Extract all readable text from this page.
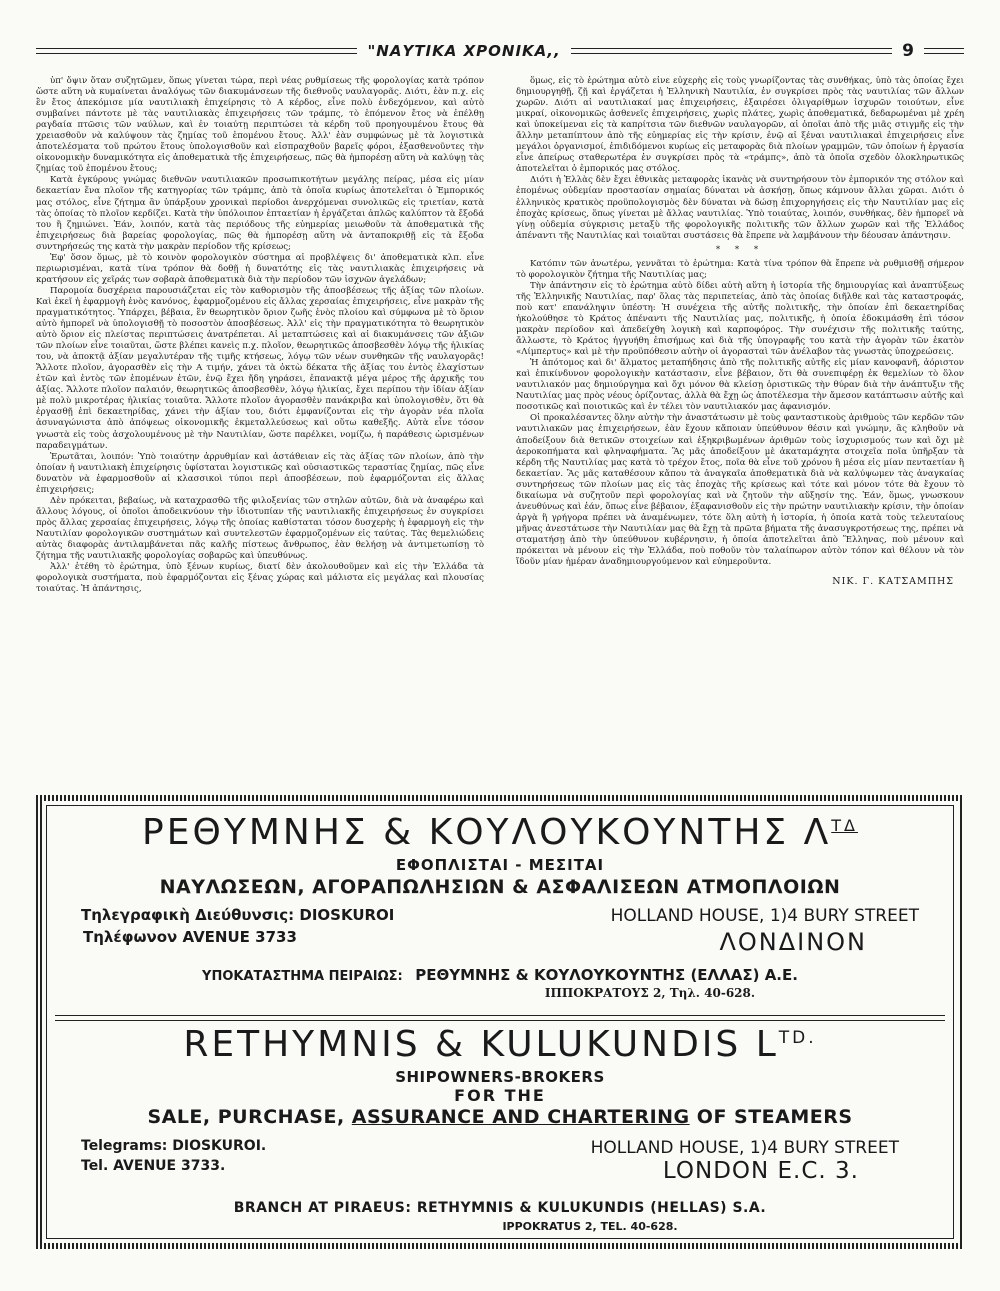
"ΝΑΥΤΙΚΑ ΧΡΟΝΙΚΑ,,	9

ὑπ' ὄψιν ὅταν συζητῶμεν, ὅπως γίνεται τώρα, περὶ νέας ρυθμίσεως τῆς φορολογίας κατὰ τρόπον ὥστε αὕτη νὰ κυμαίνεται ἀναλόγως τῶν διακυμάνσεων τῆς διεθνοῦς ναυλαγορᾶς. Διότι, ἐὰν π.χ. εἰς ἓν ἔτος ἀπεκόμισε μία ναυτιλιακὴ ἐπιχείρησις τὸ Α κέρδος, εἶνε πολὺ ἐνδεχόμενον, καὶ αὐτὸ συμβαίνει πάντοτε μὲ τὰς ναυτιλιακὰς ἐπιχειρήσεις τῶν τράμπς, τὸ ἑπόμενον ἔτος νὰ ἐπέλθῃ ραγδαία πτῶσις τῶν ναύλων, καὶ ἐν τοιαύτῃ περιπτώσει τὰ κέρδη τοῦ προηγουμένου ἔτους θὰ χρειασθοῦν νὰ καλύψουν τὰς ζημίας τοῦ ἑπομένου ἔτους. Ἀλλ' ἐὰν συμφώνως μὲ τὰ λογιστικὰ ἀποτελέσματα τοῦ πρώτου ἔτους ὑπολογισθοῦν καὶ εἰσπραχθοῦν βαρεῖς φόροι, ἐξασθενοῦντες τὴν οἰκονομικὴν δυναμικότητα εἰς ἀποθεματικὰ τῆς ἐπιχειρήσεως, πῶς θὰ ἠμπορέσῃ αὕτη νὰ καλύψῃ τὰς ζημίας τοῦ ἑπομένου ἔτους;

Κατὰ ἐγκύρους γνώμας διεθνῶν ναυτιλιακῶν προσωπικοτήτων μεγάλης πείρας, μέσα εἰς μίαν δεκαετίαν ἕνα πλοῖον τῆς κατηγορίας τῶν τράμπς, ἀπὸ τὰ ὁποῖα κυρίως ἀποτελεῖται ὁ Ἐμπορικός μας στόλος, εἶνε ζήτημα ἂν ὑπάρξουν χρονικαὶ περίοδοι ἀνερχόμεναι συνολικῶς εἰς τριετίαν, κατὰ τὰς ὁποίας τὸ πλοῖον κερδίζει. Κατὰ τὴν ὑπόλοιπον ἑπταετίαν ἡ ἐργάζεται ἁπλῶς καλύπτον τὰ ἔξοδά του ἢ ζημιώνει. Ἐάν, λοιπόν, κατὰ τὰς περιόδους τῆς εὐημερίας μειωθοῦν τὰ ἀποθεματικὰ τῆς ἐπιχειρήσεως διὰ βαρείας φορολογίας, πῶς θὰ ἠμπορέσῃ αὕτη νὰ ἀνταποκριθῇ εἰς τὰ ἔξοδα συντηρήσεώς της κατὰ τὴν μακρὰν περίοδον τῆς κρίσεως;

Ἐφ' ὅσον ὅμως, μὲ τὸ κοινὸν φορολογικὸν σύστημα αἱ προβλέψεις δι' ἀποθεματικὰ κλπ. εἶνε περιωρισμέναι, κατὰ τίνα τρόπον θὰ δοθῇ ἡ δυνατότης εἰς τὰς ναυτιλιακὰς ἐπιχειρήσεις νὰ κρατήσουν εἰς χεῖράς των σοβαρὰ ἀποθεματικὰ διὰ τὴν περίοδον τῶν ἰσχνῶν ἀγελάδων;

Παρομοία δυσχέρεια παρουσιάζεται εἰς τὸν καθορισμὸν τῆς ἀποσβέσεως τῆς ἀξίας τῶν πλοίων. Καὶ ἐκεῖ ἡ ἐφαρμογὴ ἑνὸς κανόνος, ἐφαρμοζομένου εἰς ἄλλας χερσαίας ἐπιχειρήσεις, εἶνε μακρὰν τῆς πραγματικότητος. Ὑπάρχει, βέβαια, ἓν θεωρητικὸν ὅριον ζωῆς ἑνὸς πλοίου καὶ σύμφωνα μὲ τὸ ὅριον αὐτὸ ἠμπορεῖ νὰ ὑπολογισθῇ τὸ ποσοστὸν ἀποσβέσεως. Ἀλλ' εἰς τὴν πραγματικότητα τὸ θεωρητικὸν αὐτὸ ὅριον εἰς πλείστας περιπτώσεις ἀνατρέπεται. Αἱ μεταπτώσεις καὶ αἱ διακυμάνσεις τῶν ἀξιῶν τῶν πλοίων εἶνε τοιαῦται, ὥστε βλέπει κανεὶς π.χ. πλοῖον, θεωρητικῶς ἀποσβεσθὲν λόγῳ τῆς ἡλικίας του, νὰ ἀποκτᾷ ἀξίαν μεγαλυτέραν τῆς τιμῆς κτήσεως, λόγῳ τῶν νέων συνθηκῶν τῆς ναυλαγορᾶς! Ἄλλοτε πλοῖον, ἀγορασθὲν εἰς τὴν Α τιμήν, χάνει τὰ ὀκτὼ δέκατα τῆς ἀξίας του ἐντὸς ἐλαχίστων ἐτῶν καὶ ἐντὸς τῶν ἑπομένων ἐτῶν, ἐνῷ ἔχει ἤδη γηράσει, ἐπανακτᾷ μέγα μέρος τῆς ἀρχικῆς του ἀξίας. Ἄλλοτε πλοῖον παλαιόν, θεωρητικῶς ἀποσβεσθὲν, λόγῳ ἡλικίας, ἔχει περίπου τὴν ἰδίαν ἀξίαν μὲ πολὺ μικροτέρας ἡλικίας τοιαῦτα. Ἄλλοτε πλοῖον ἀγορασθὲν πανάκριβα καὶ ὑπολογισθὲν, ὅτι θὰ ἐργασθῇ ἐπὶ δεκαετηρίδας, χάνει τὴν ἀξίαν του, διότι ἐμφανίζονται εἰς τὴν ἀγορὰν νέα πλοῖα ἀσυναγώνιστα ἀπὸ ἀπόψεως οἰκονομικῆς ἐκμεταλλεύσεως καὶ οὕτω καθεξῆς. Αὐτὰ εἶνε τόσον γνωστὰ εἰς τοὺς ἀσχολουμένους μὲ τὴν Ναυτιλίαν, ὥστε παρέλκει, νομίζω, ἡ παράθεσις ὡρισμένων παραδειγμάτων.

Ἐρωτᾶται, λοιπόν: Ὑπὸ τοιαύτην ἀρρυθμίαν καὶ ἀστάθειαν εἰς τὰς ἀξίας τῶν πλοίων, ἀπὸ τὴν ὁποίαν ἡ ναυτιλιακὴ ἐπιχείρησις ὑφίσταται λογιστικῶς καὶ οὐσιαστικῶς τεραστίας ζημίας, πῶς εἶνε δυνατὸν νὰ ἐφαρμοσθοῦν αἱ κλασσικοὶ τύποι περὶ ἀποσβέσεων, ποὺ ἐφαρμόζονται εἰς ἄλλας ἐπιχειρήσεις;

Δὲν πρόκειται, βεβαίως, νὰ καταχρασθῶ τῆς φιλοξενίας τῶν στηλῶν αὐτῶν, διὰ νὰ ἀναφέρω καὶ ἄλλους λόγους, οἱ ὁποῖοι ἀποδεικνύουν τὴν ἰδιοτυπίαν τῆς ναυτιλιακῆς ἐπιχειρήσεως ἐν συγκρίσει πρὸς ἄλλας χερσαίας ἐπιχειρήσεις, λόγῳ τῆς ὁποίας καθίσταται τόσον δυσχερὴς ἡ ἐφαρμογὴ εἰς τὴν Ναυτιλίαν φορολογικῶν συστημάτων καὶ συντελεστῶν ἐφαρμοζομένων εἰς ταύτας. Τὰς θεμελιώδεις αὐτὰς διαφορὰς ἀντιλαμβάνεται πᾶς καλῆς πίστεως ἄνθρωπος, ἐὰν θελήσῃ νὰ ἀντιμετωπίσῃ τὸ ζήτημα τῆς ναυτιλιακῆς φορολογίας σοβαρῶς καὶ ὑπευθύνως.

Ἀλλ' ἐτέθη τὸ ἐρώτημα, ὑπὸ ξένων κυρίως, διατί δὲν ἀκολουθοῦμεν καὶ εἰς τὴν Ἑλλάδα τὰ φορολογικὰ συστήματα, ποὺ ἐφαρμόζονται εἰς ξένας χώρας καὶ μάλιστα εἰς μεγάλας καὶ πλουσίας τοιαύτας. Ἡ ἀπάντησις,

ὅμως, εἰς τὸ ἐρώτημα αὐτὸ εἶνε εὐχερὴς εἰς τοὺς γνωρίζοντας τὰς συνθήκας, ὑπὸ τὰς ὁποίας ἔχει δημιουργηθῇ, ζῇ καὶ ἐργάζεται ἡ Ἑλληνικὴ Ναυτιλία, ἐν συγκρίσει πρὸς τὰς ναυτιλίας τῶν ἄλλων χωρῶν. Διότι αἱ ναυτιλιακαί μας ἐπιχειρήσεις, ἐξαιρέσει ὀλιγαρίθμων ἰσχυρῶν τοιούτων, εἶνε μικραί, οἰκονομικῶς ἀσθενεῖς ἐπιχειρήσεις, χωρὶς πλάτες, χωρὶς ἀποθεματικά, δεδαρωμέναι μὲ χρέη καὶ ὑποκείμεναι εἰς τὰ καπρίτσια τῶν διεθνῶν ναυλαγορῶν, αἱ ὁποῖαι ἀπὸ τῆς μιᾶς στιγμῆς εἰς τὴν ἄλλην μεταπίπτουν ἀπὸ τῆς εὐημερίας εἰς τὴν κρίσιν, ἐνῷ αἱ ξέναι ναυτιλιακαὶ ἐπιχειρήσεις εἶνε μεγάλοι ὀργανισμοί, ἐπιδιδόμενοι κυρίως εἰς μεταφορὰς διὰ πλοίων γραμμῶν, τῶν ὁποίων ἡ ἐργασία εἶνε ἀπείρως σταθερωτέρα ἐν συγκρίσει πρὸς τὰ «τράμπς», ἀπὸ τὰ ὁποῖα σχεδὸν ὁλοκληρωτικῶς ἀποτελεῖται ὁ ἐμπορικός μας στόλος.

Διότι ἡ Ἑλλὰς δὲν ἔχει ἐθνικὰς μεταφορὰς ἱκανὰς νὰ συντηρήσουν τὸν ἐμπορικόν της στόλον καὶ ἑπομένως οὐδεμίαν προστασίαν σημαίας δύναται νὰ ἀσκήσῃ, ὅπως κάμνουν ἄλλαι χῶραι. Διότι ὁ ἑλληνικὸς κρατικὸς προϋπολογισμὸς δὲν δύναται νὰ δώσῃ ἐπιχορηγήσεις εἰς τὴν Ναυτιλίαν μας εἰς ἐποχὰς κρίσεως, ὅπως γίνεται μὲ ἄλλας ναυτιλίας. Ὑπὸ τοιαύτας, λοιπόν, συνθήκας, δὲν ἠμπορεῖ νὰ γίνῃ οὐδεμία σύγκρισις μεταξὺ τῆς φορολογικῆς πολιτικῆς τῶν ἄλλων χωρῶν καὶ τῆς Ἑλλάδος ἀπέναντι τῆς Ναυτιλίας καὶ τοιαῦται συστάσεις θὰ ἔπρεπε νὰ λαμβάνουν τὴν δέουσαν ἀπάντησιν.

* * *

Κατόπιν τῶν ἀνωτέρω, γεννᾶται τὸ ἐρώτημα: Κατὰ τίνα τρόπον θὰ ἔπρεπε νὰ ρυθμισθῇ σήμερον τὸ φορολογικὸν ζήτημα τῆς Ναυτιλίας μας;

Τὴν ἀπάντησιν εἰς τὸ ἐρώτημα αὐτὸ δίδει αὐτὴ αὕτη ἡ ἱστορία τῆς δημιουργίας καὶ ἀναπτύξεως τῆς Ἑλληνικῆς Ναυτιλίας, παρ' ὅλας τὰς περιπετείας, ἀπὸ τὰς ὁποίας διῆλθε καὶ τὰς καταστροφάς, ποὺ κατ' επανάληψιν ὑπέστη: Ἡ συνέχεια τῆς αὐτῆς πολιτικῆς, τὴν ὁποίαν ἐπὶ δεκαετηρίδας ἠκολούθησε τὸ Κράτος ἀπέναντι τῆς Ναυτιλίας μας, πολιτικῆς, ἡ ὁποία ἐδοκιμάσθη ἐπὶ τόσον μακρὰν περίοδον καὶ ἀπεδείχθη λογικὴ καὶ καρποφόρος. Τὴν συνέχισιν τῆς πολιτικῆς ταύτης, ἄλλωστε, τὸ Κράτος ἠγγυήθη ἐπισήμως καὶ διὰ τῆς ὑπογραφῆς του κατὰ τὴν ἀγορὰν τῶν ἑκατὸν «Λίμπερτυς» καὶ μὲ τὴν προϋπόθεσιν αὐτὴν οἱ ἀγορασταὶ τῶν ἀνέλαβον τὰς γνωστὰς ὑποχρεώσεις.

Ἡ ἀπότομος καὶ δι' ἅλματος μεταπήδησις ἀπὸ τῆς πολιτικῆς αὐτῆς εἰς μίαν κανοφανῆ, ἀόριστον καὶ ἐπικίνδυνον φορολογικὴν κατάστασιν, εἶνε βέβαιον, ὅτι θὰ συνεπιφέρῃ ἐκ θεμελίων τὸ ὅλον ναυτιλιακόν μας δημιούργημα καὶ ὄχι μόνον θὰ κλείσῃ ὁριστικῶς τὴν θύραν διὰ τὴν ἀνάπτυξιν τῆς Ναυτιλίας μας πρὸς νέους ὁρίζοντας, ἀλλὰ θὰ ἔχῃ ὡς ἀποτέλεσμα τὴν ἄμεσον κατάπτωσιν αὐτῆς καὶ ποσοτικῶς καὶ ποιοτικῶς καὶ ἐν τέλει τὸν ναυτιλιακόν μας ἀφανισμόν.

Οἱ προκαλέσαντες ὅλην αὐτὴν τὴν ἀναστάτωσιν μὲ τοὺς φανταστικοὺς ἀριθμοὺς τῶν κερδῶν τῶν ναυτιλιακῶν μας ἐπιχειρήσεων, ἐὰν ἔχουν κἄποιαν ὑπεύθυνον θέσιν καὶ γνώμην, ἂς κληθοῦν νὰ ἀποδείξουν διὰ θετικῶν στοιχείων καὶ ἐξηκριβωμένων ἀριθμῶν τοὺς ἰσχυρισμούς των καὶ ὄχι μὲ ἀεροκοπήματα καὶ φληναφήματα. Ἂς μᾶς ἀποδείξουν μὲ ἀκαταμάχητα στοιχεῖα ποῖα ὑπῆρξαν τὰ κέρδη τῆς Ναυτιλίας μας κατὰ τὸ τρέχον ἔτος, ποῖα θὰ εἶνε τοῦ χρόνου ἢ μέσα εἰς μίαν πενταετίαν ἢ δεκαετίαν. Ἂς μᾶς καταθέσουν κἄπου τὰ ἀναγκαῖα ἀποθεματικὰ διὰ νὰ καλύψωμεν τὰς ἀναγκαίας συντηρήσεως τῶν πλοίων μας εἰς τὰς ἐποχὰς τῆς κρίσεως καὶ τότε καὶ μόνον τότε θὰ ἔχουν τὸ δικαίωμα νὰ συζητοῦν περὶ φορολογίας καὶ νὰ ζητοῦν τὴν αὔξησίν της. Ἐάν, ὅμως, γνωσκουν ἀνευθύνως καὶ ἐάν, ὅπως εἶνε βέβαιον, ἐξαφανισθοῦν εἰς τὴν πρώτην ναυτιλιακὴν κρίσιν, τὴν ὁποίαν ἀργὰ ἢ γρήγορα πρέπει νὰ ἀναμένωμεν, τότε ὅλη αὐτὴ ἡ ἱστορία, ἡ ὁποία κατὰ τοὺς τελευταίους μῆνας ἀνεστάτωσε τὴν Ναυτιλίαν μας θὰ ἔχῃ τὰ πρῶτα βήματα τῆς ἀνασυγκροτήσεως της, πρέπει νὰ σταματήσῃ ἀπὸ τὴν ὑπεύθυνον κυβέρνησιν, ἡ ὁποία ἀποτελεῖται ἀπὸ Ἕλληνας, ποὺ μένουν καὶ πρόκειται νὰ μένουν εἰς τὴν Ἑλλάδα, ποὺ ποθοῦν τὸν ταλαίπωρον αὐτὸν τόπον καὶ θέλουν νὰ τὸν ἴδοῦν μίαν ἡμέραν ἀναδημιουργούμενον καὶ εὐημεροῦντα.

ΝΙΚ. Γ. ΚΑΤΣΑΜΠΗΣ

ΡΕΘΥΜΝΗΣ & ΚΟΥΛΟΥΚΟΥΝΤΗΣ $\Lambda^{T\Delta}$
ΕΦΟΠΛΙΣΤΑΙ - ΜΕΣΙΤΑΙ
ΝΑΥΛΩΣΕΩΝ, ΑΓΟΡΑΠΩΛΗΣΙΩΝ & ΑΣΦΑΛΙΣΕΩΝ ΑΤΜΟΠΛΟΙΩΝ
Τηλεγραφικὴ Διεύθυνσις: DIOSKUROI	HOLLAND HOUSE, 1)4 BURY STREET
Τηλέφωνον AVENUE 3733	ΛΟΝΔΙΝΟΝ
ΥΠΟΚΑΤΑΣΤΗΜΑ ΠΕΙΡΑΙΩΣ: ΡΕΘΥΜΝΗΣ & ΚΟΥΛΟΥΚΟΥΝΤΗΣ (ΕΛΛΑΣ) Α.Ε.
ΙΠΠΟΚΡΑΤΟΥΣ 2, Τηλ. 40-628.
RETHYMNIS & KULUKUNDIS $L^{TD.}$
SHIPOWNERS-BROKERS
FOR THE
SALE, PURCHASE, ASSURANCE AND CHARTERING OF STEAMERS
Telegrams: DIOSKUROI.	HOLLAND HOUSE, 1)4 BURY STREET
Tel. AVENUE 3733.	LONDON E.C. 3.
BRANCH AT PIRAEUS: RETHYMNIS & KULUKUNDIS (HELLAS) S.A.
IPPOKRATUS 2, TEL. 40-628.
